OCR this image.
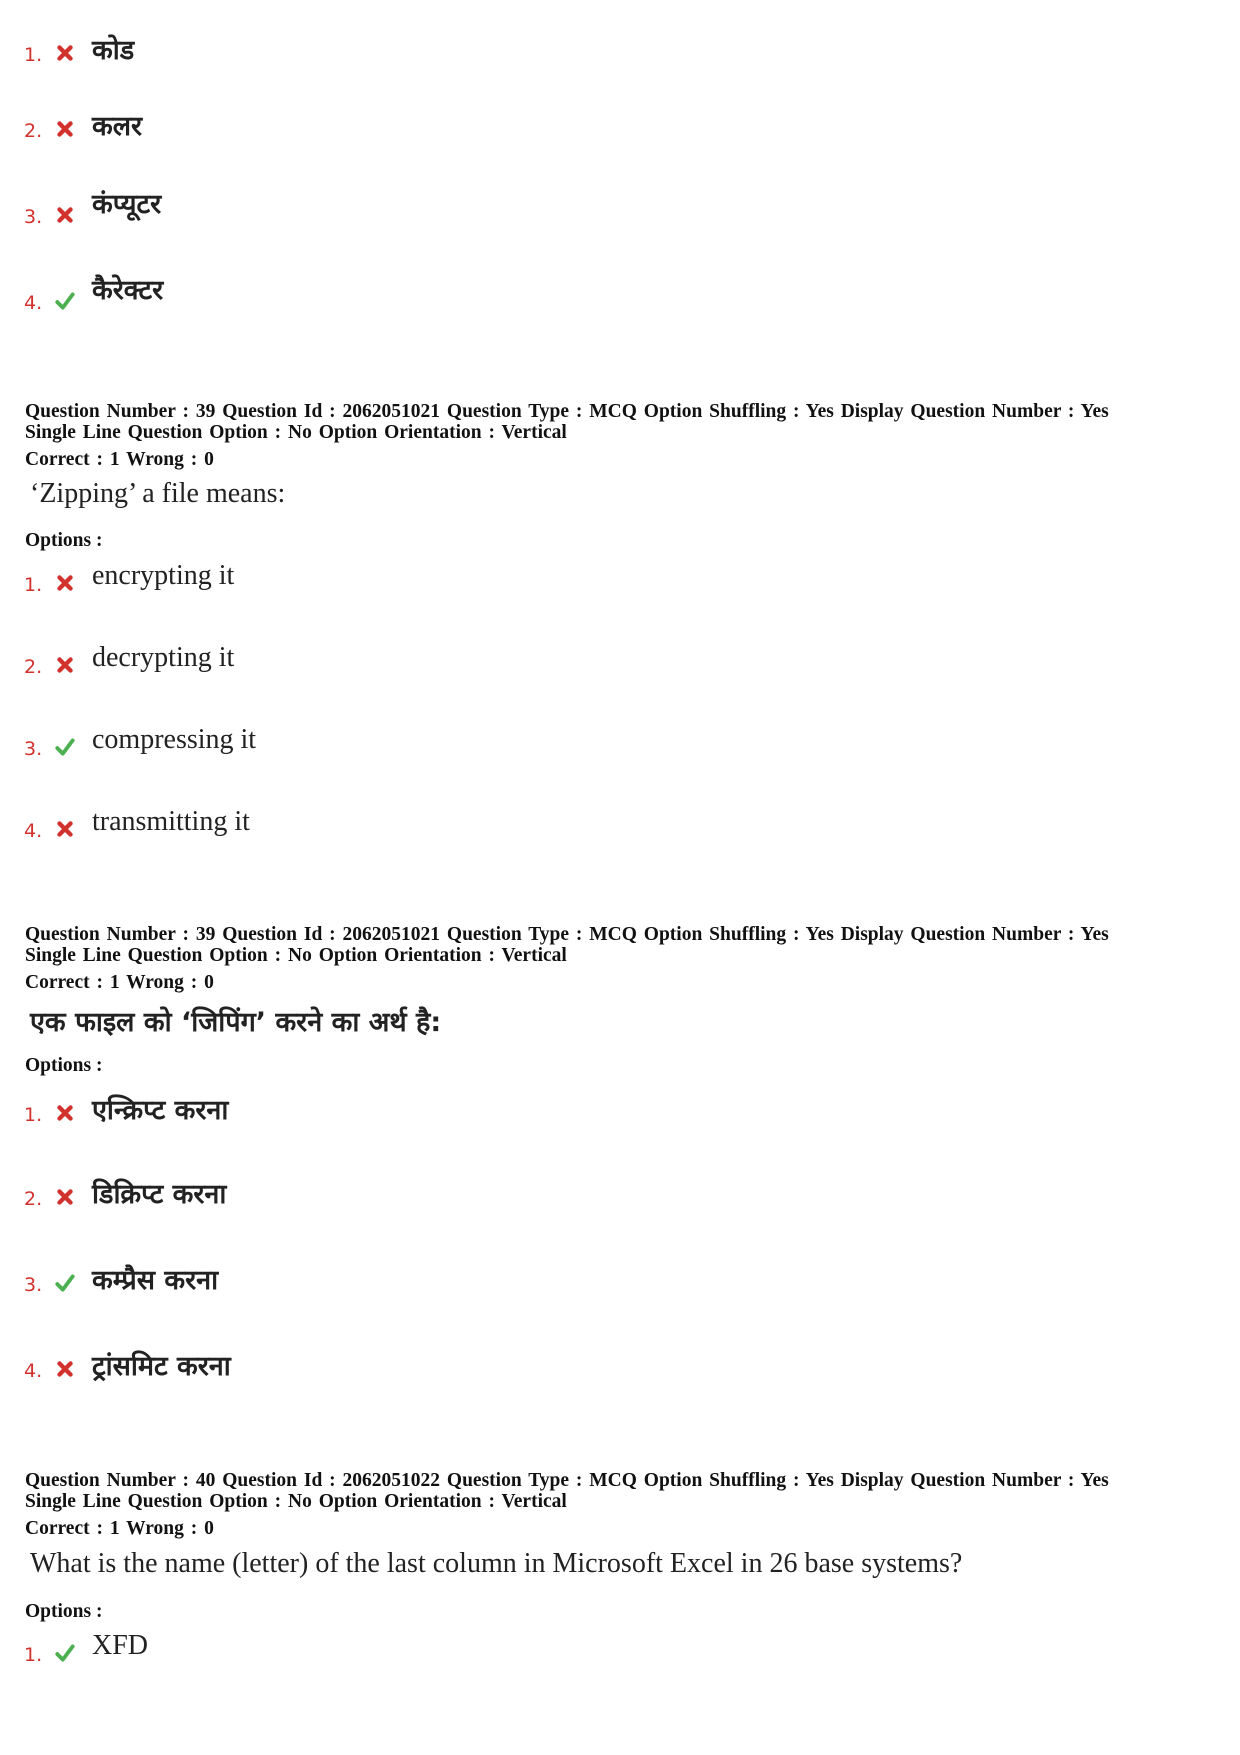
1. कोड
2. कलर
3. कंप्यूटर
4. कैरेक्टर
Question Number : 39 Question Id : 2062051021 Question Type : MCQ Option Shuffling : Yes Display Question Number : Yes
Single Line Question Option : No Option Orientation : Vertical
Correct : 1 Wrong : 0
‘Zipping’ a file means:
Options :
1. encrypting it
2. decrypting it
3. compressing it
4. transmitting it
Question Number : 39 Question Id : 2062051021 Question Type : MCQ Option Shuffling : Yes Display Question Number : Yes
Single Line Question Option : No Option Orientation : Vertical
Correct : 1 Wrong : 0
एक फाइल को ‘जिपिंग’ करने का अर्थ है:
Options :
1. एन्क्रिप्ट करना
2. डिक्रिप्ट करना
3. कम्प्रैस करना
4. ट्रांसमिट करना
Question Number : 40 Question Id : 2062051022 Question Type : MCQ Option Shuffling : Yes Display Question Number : Yes
Single Line Question Option : No Option Orientation : Vertical
Correct : 1 Wrong : 0
What is the name (letter) of the last column in Microsoft Excel in 26 base systems?
Options :
1. XFD
